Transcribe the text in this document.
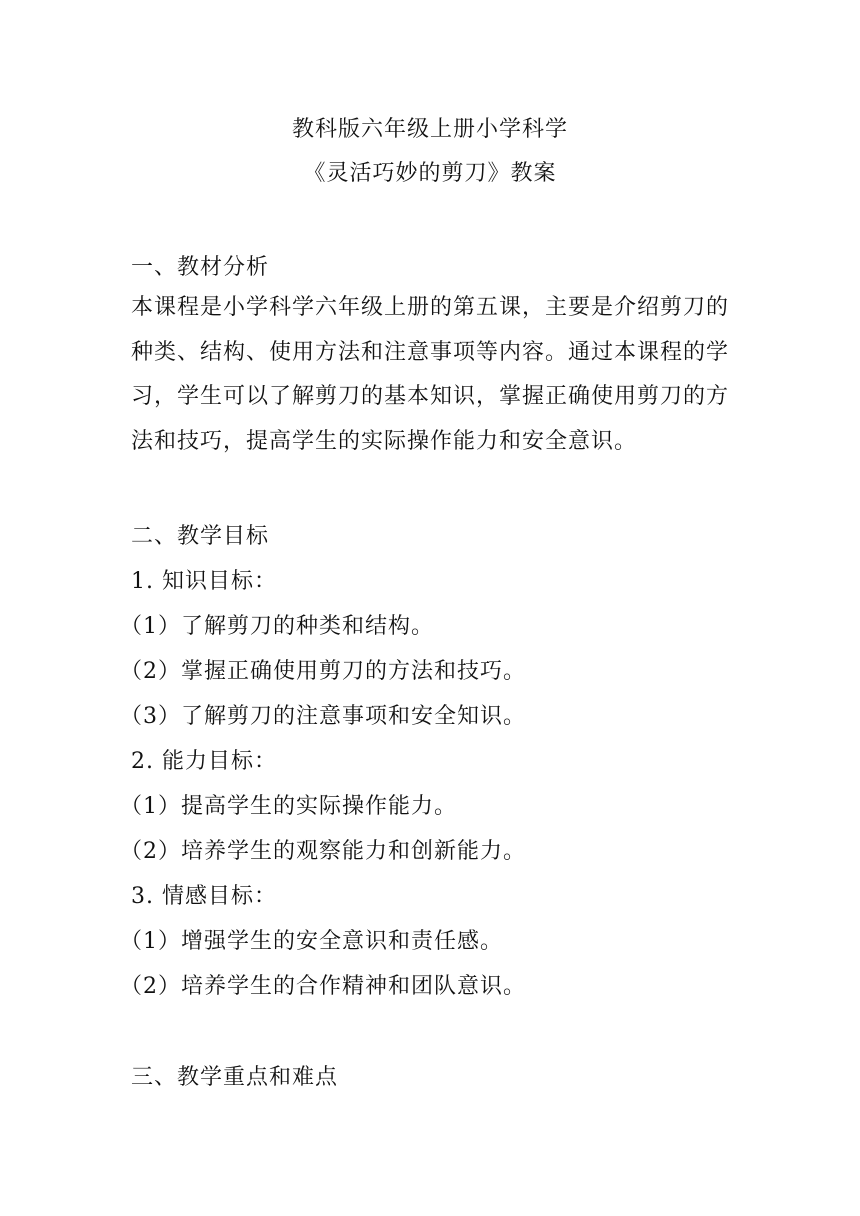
教科版六年级上册小学科学
《灵活巧妙的剪刀》教案
一、教材分析
本课程是小学科学六年级上册的第五课，主要是介绍剪刀的
种类、结构、使用方法和注意事项等内容。通过本课程的学
习，学生可以了解剪刀的基本知识，掌握正确使用剪刀的方
法和技巧，提高学生的实际操作能力和安全意识。
二、教学目标
1. 知识目标：
（1）了解剪刀的种类和结构。
（2）掌握正确使用剪刀的方法和技巧。
（3）了解剪刀的注意事项和安全知识。
2. 能力目标：
（1）提高学生的实际操作能力。
（2）培养学生的观察能力和创新能力。
3. 情感目标：
（1）增强学生的安全意识和责任感。
（2）培养学生的合作精神和团队意识。
三、教学重点和难点
